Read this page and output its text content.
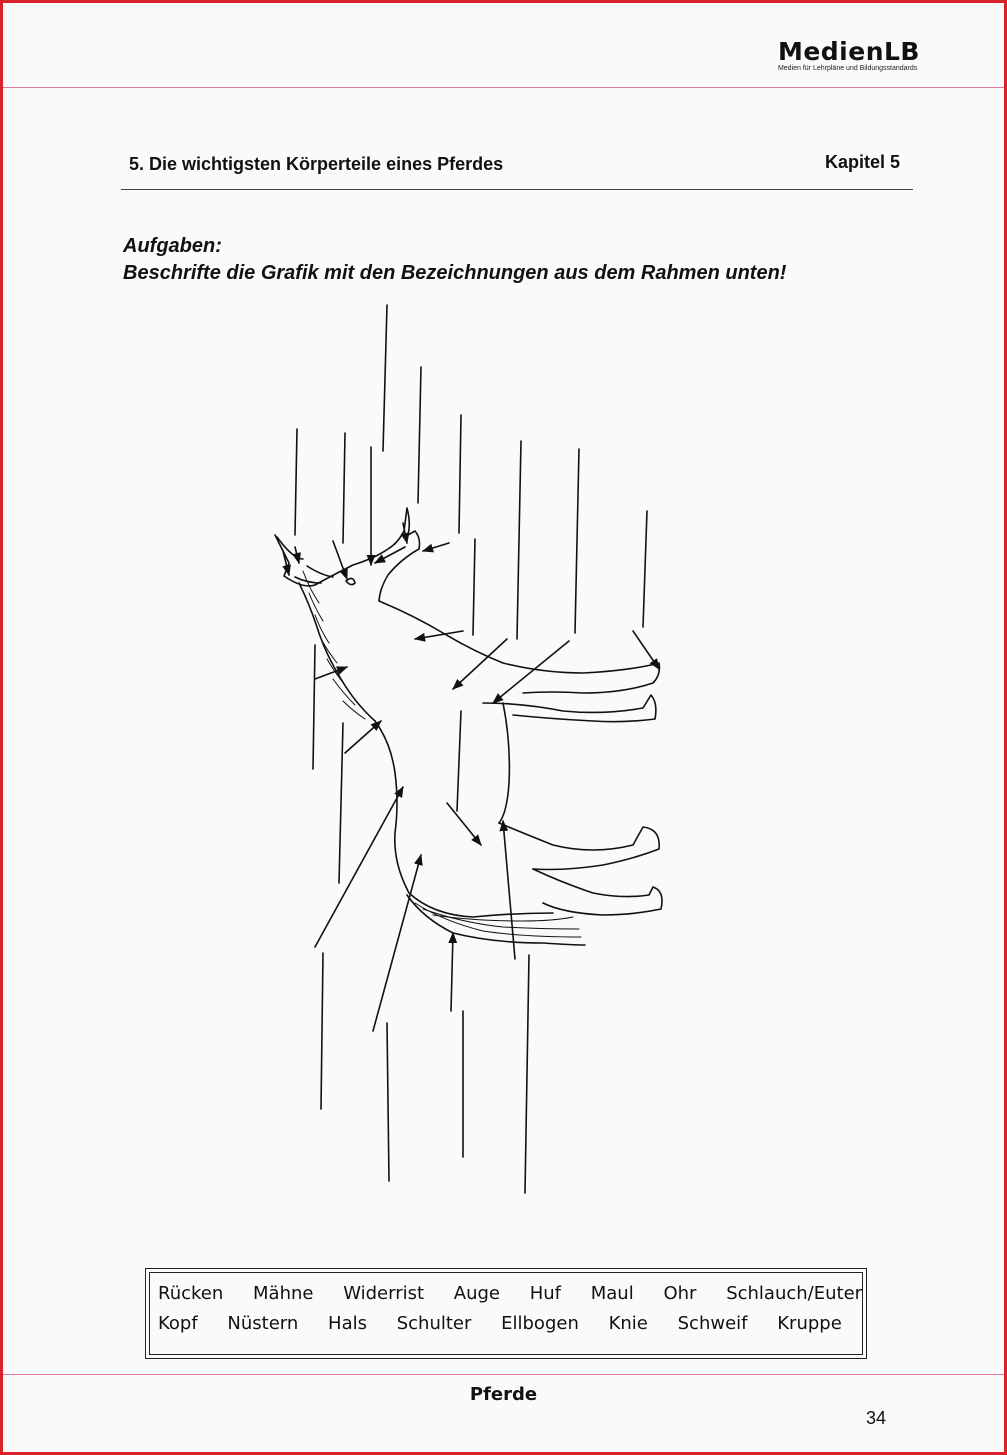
MedienLB
Medien für Lehrpläne und Bildungsstandards
5. Die wichtigsten Körperteile eines Pferdes	Kapitel 5
Aufgaben:
Beschrifte die Grafik mit den Bezeichnungen aus dem Rahmen unten!
Rücken Mähne Widerrist Auge Huf Maul Ohr Schlauch/Euter
Kopf Nüstern Hals Schulter Ellbogen Knie Schweif Kruppe
Pferde
34
